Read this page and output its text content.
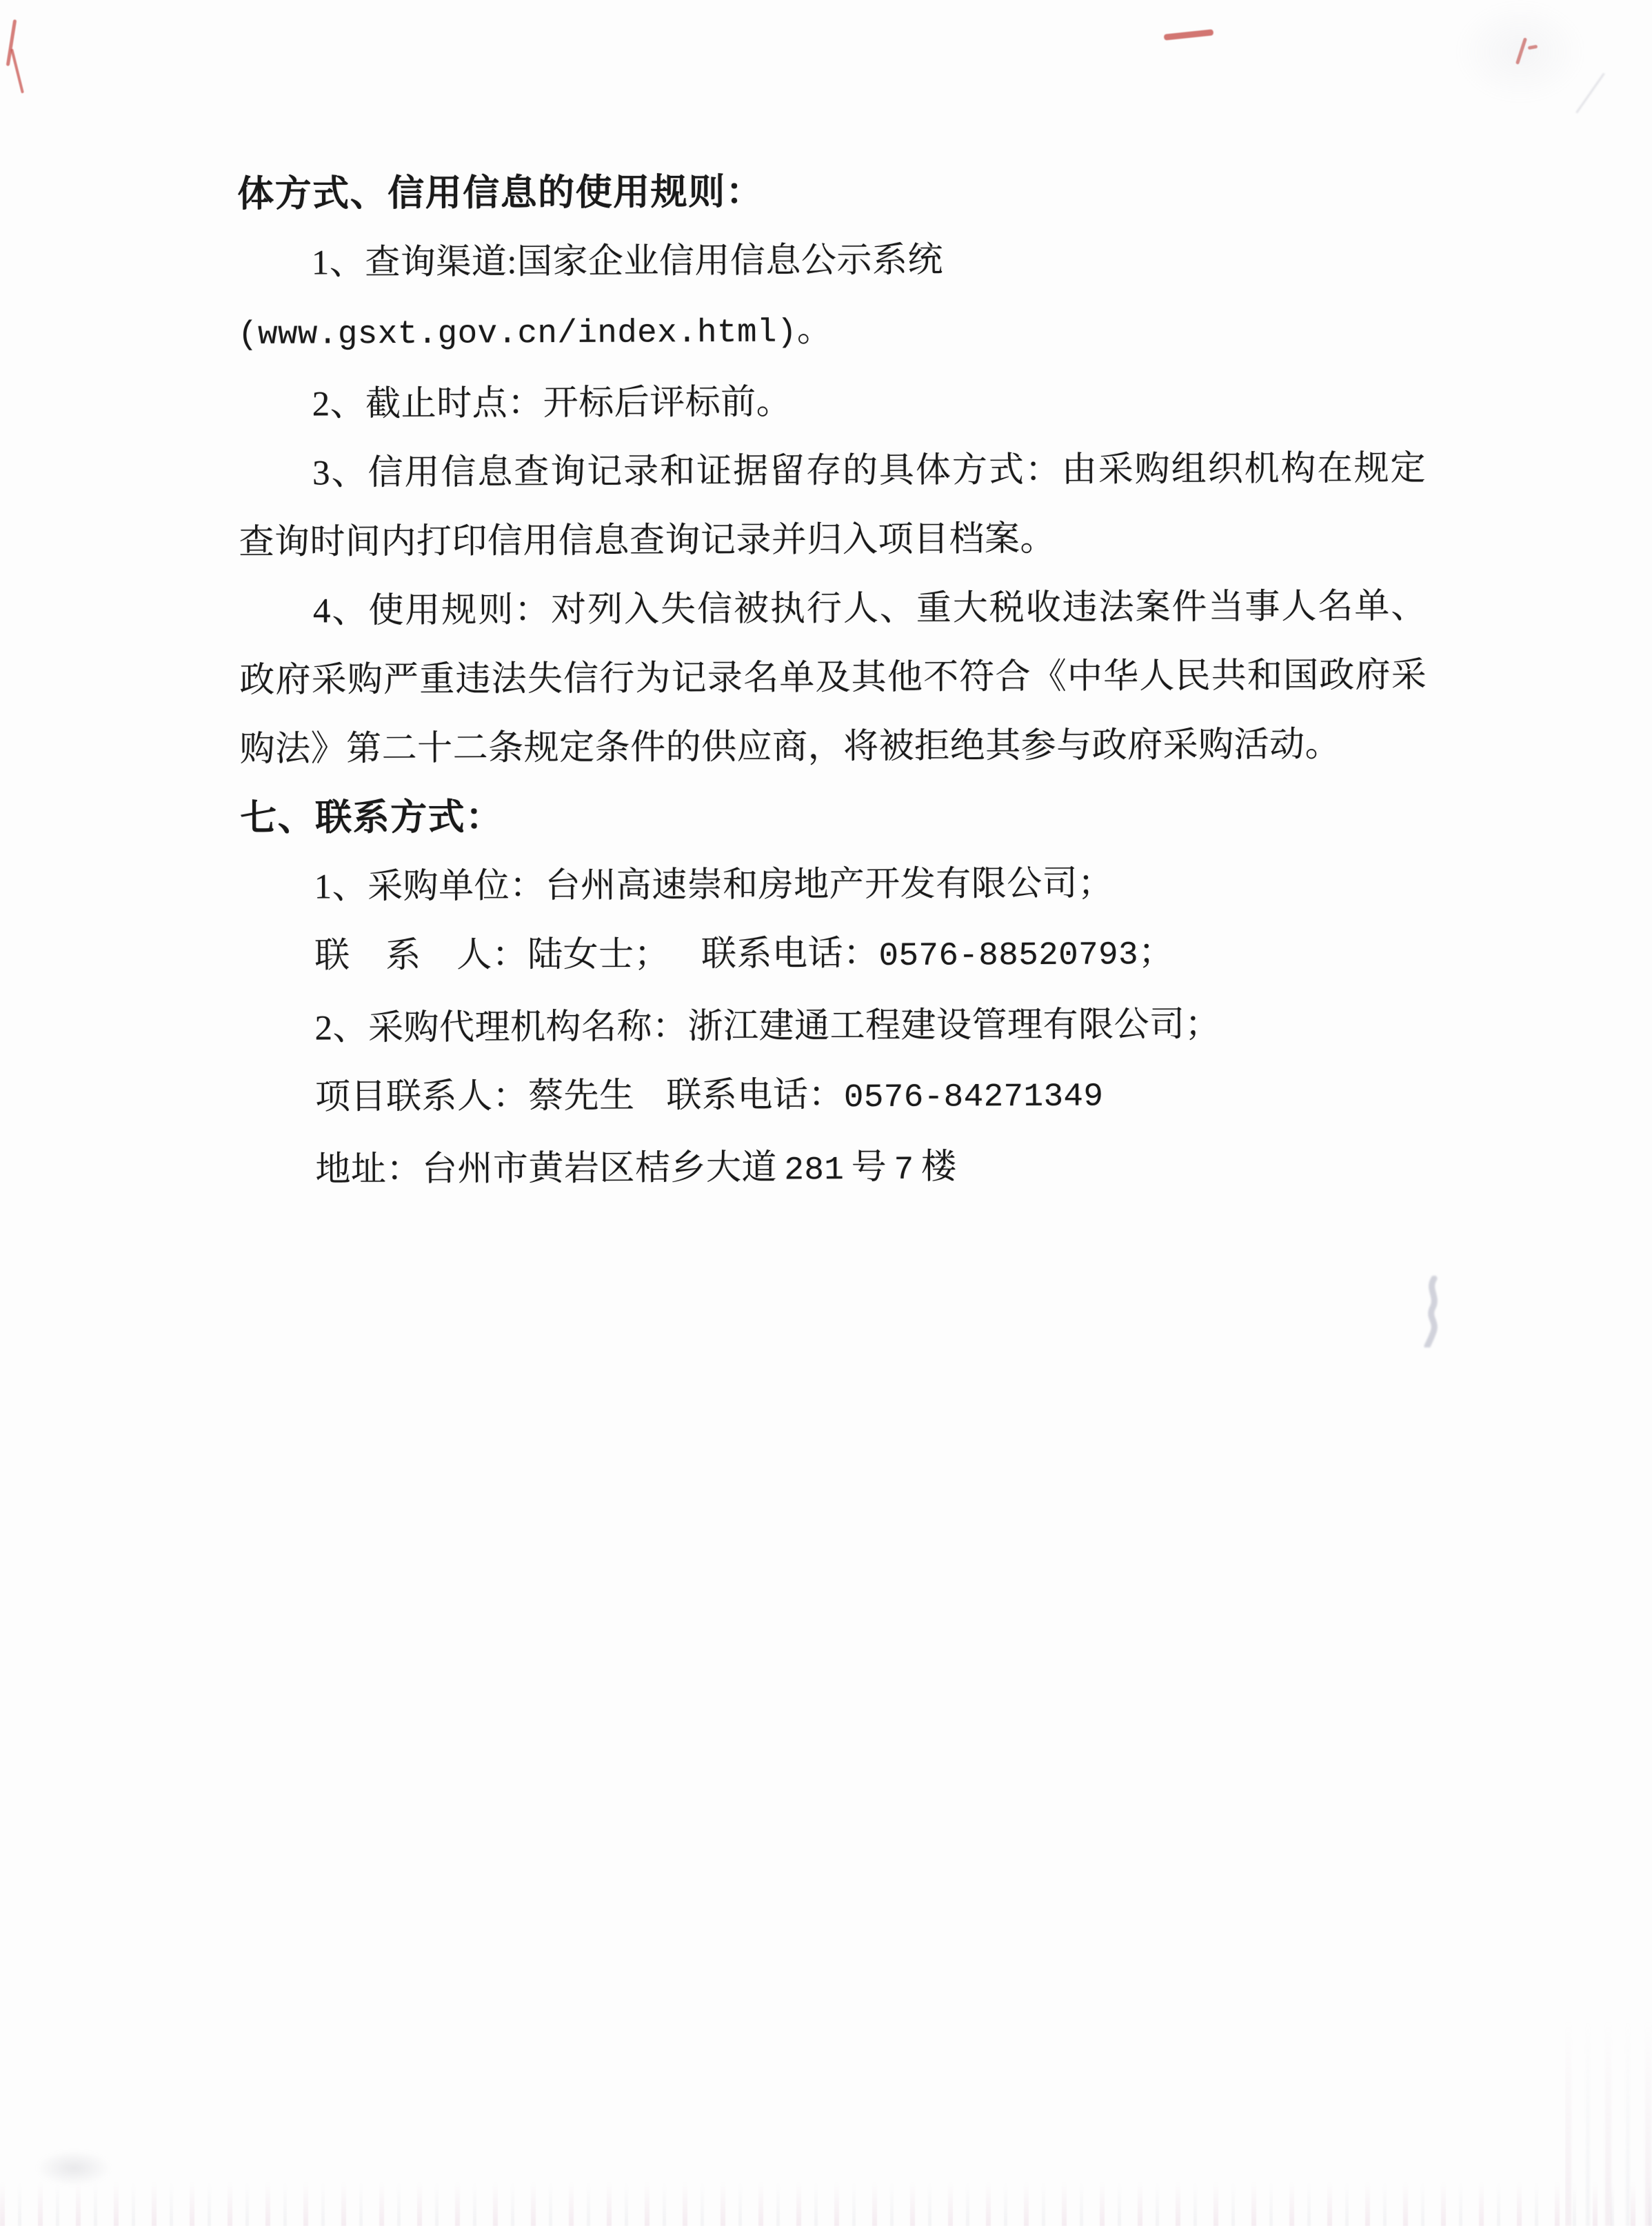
体方式、信用信息的使用规则：

1、查询渠道:国家企业信用信息公示系统(www.gsxt.gov.cn/index.html)。

2、截止时点：开标后评标前。

3、信用信息查询记录和证据留存的具体方式：由采购组织机构在规定查询时间内打印信用信息查询记录并归入项目档案。

4、使用规则：对列入失信被执行人、重大税收违法案件当事人名单、政府采购严重违法失信行为记录名单及其他不符合《中华人民共和国政府采购法》第二十二条规定条件的供应商，将被拒绝其参与政府采购活动。

七、联系方式：

1、采购单位：台州高速崇和房地产开发有限公司；

联　系　人：陆女士； 联系电话：0576-88520793；

2、采购代理机构名称：浙江建通工程建设管理有限公司；

项目联系人：蔡先生 联系电话：0576-84271349

地址：台州市黄岩区桔乡大道 281 号 7 楼
